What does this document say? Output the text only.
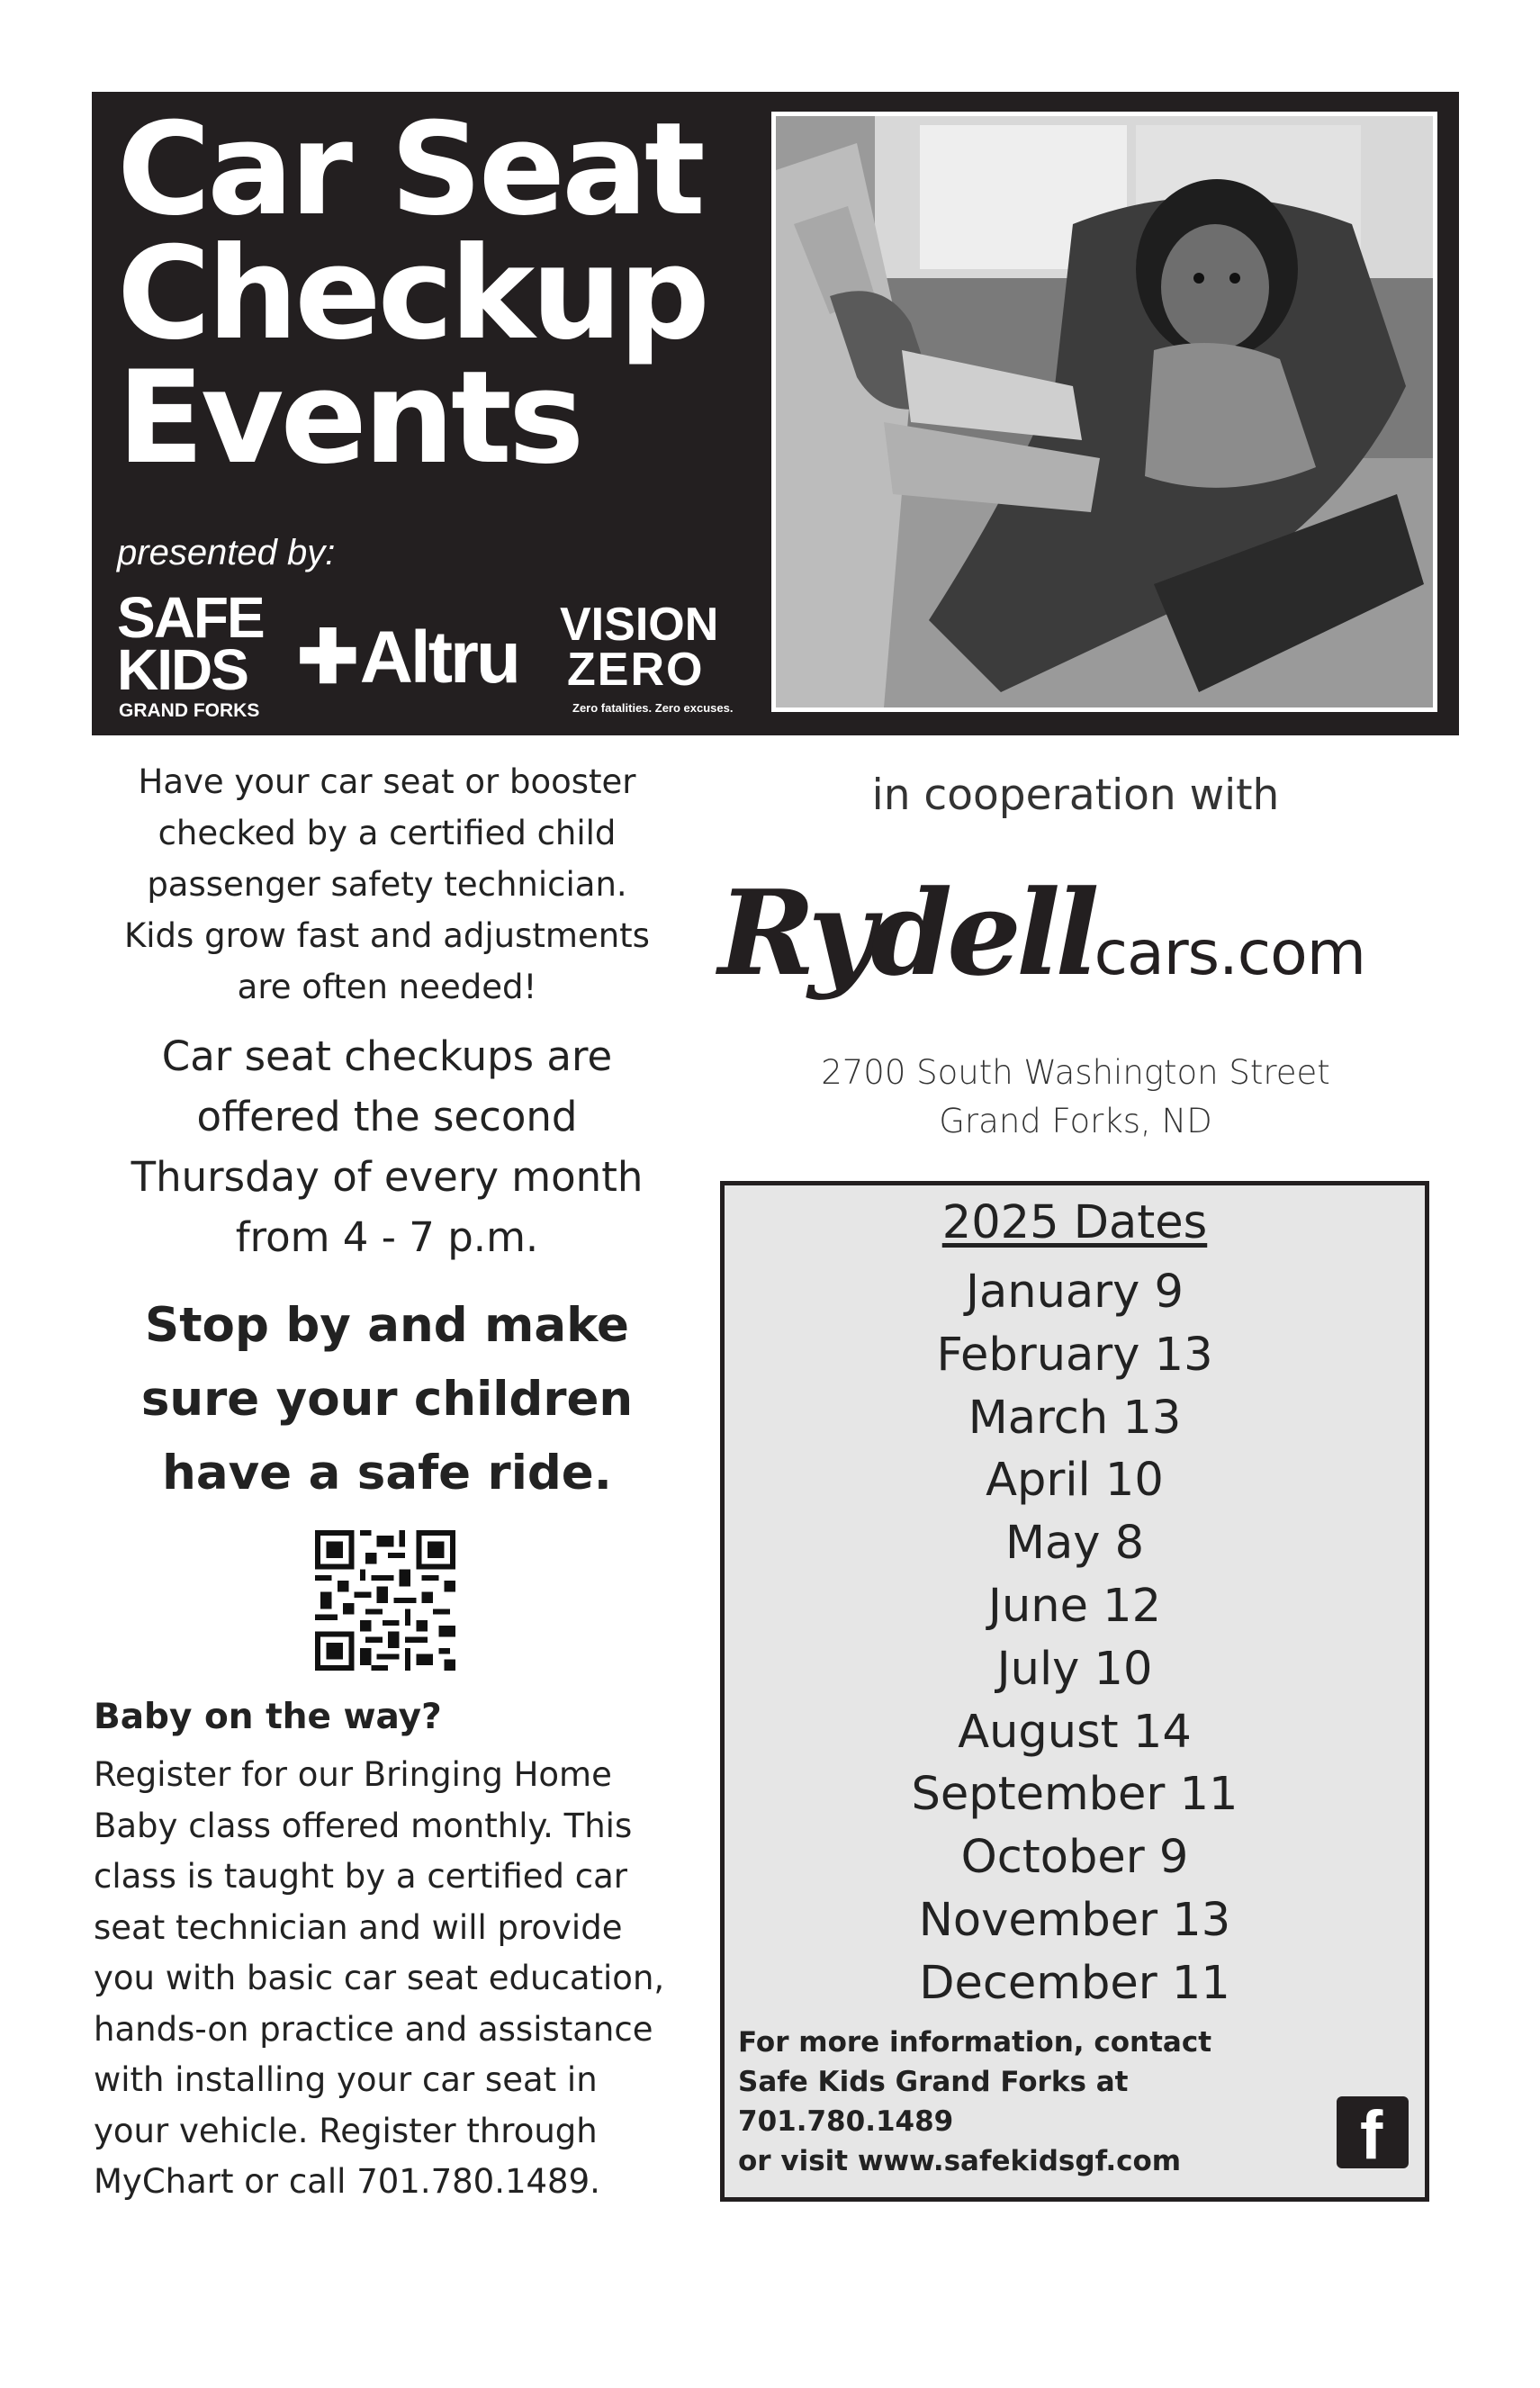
Car Seat
Checkup
Events
presented by:
SAFE
KIDS
GRAND FORKS
✚Altru VISION
ZERO
Zero fatalities. Zero excuses.
Have your car seat or booster
checked by a certified child
passenger safety technician.
Kids grow fast and adjustments
are often needed!
Car seat checkups are
offered the second
Thursday of every month
from 4 - 7 p.m.
Stop by and make
sure your children
have a safe ride.
Baby on the way?
Register for our Bringing Home
Baby class offered monthly. This
class is taught by a certified car
seat technician and will provide
you with basic car seat education,
hands-on practice and assistance
with installing your car seat in
your vehicle. Register through
MyChart or call 701.780.1489.
in cooperation with
Rydellcars.com
2700 South Washington Street
Grand Forks, ND
2025 Dates
January 9
February 13
March 13
April 10
May 8
June 12
July 10
August 14
September 11
October 9
November 13
December 11
For more information, contact
Safe Kids Grand Forks at 701.780.1489
or visit www.safekidsgf.com	f
